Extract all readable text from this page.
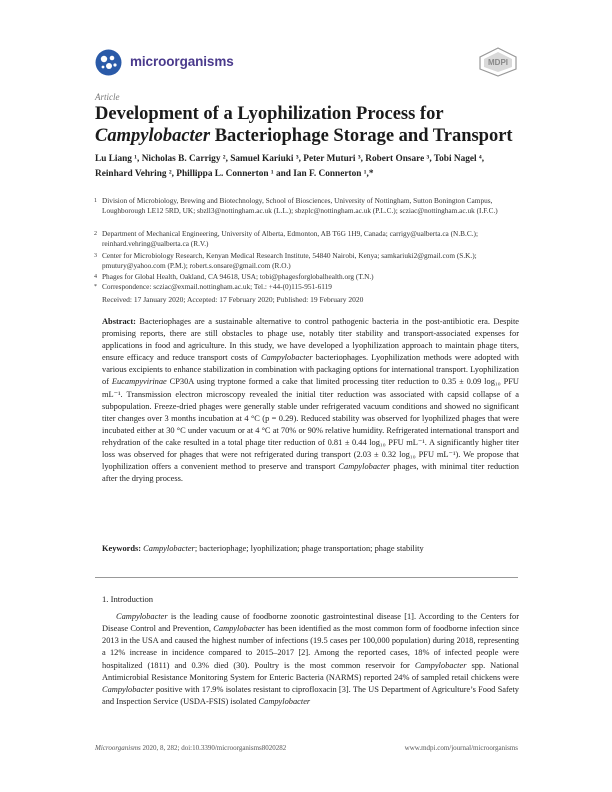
microorganisms	MDPI
Article
Development of a Lyophilization Process for
Campylobacter Bacteriophage Storage and Transport
Lu Liang ¹, Nicholas B. Carrigy ², Samuel Kariuki ³, Peter Muturi ³, Robert Onsare ³, Tobi Nagel ⁴,
Reinhard Vehring ², Phillippa L. Connerton ¹ and Ian F. Connerton ¹,*
1 Division of Microbiology, Brewing and Biotechnology, School of Biosciences, University of Nottingham, Sutton Bonington Campus, Loughborough LE12 5RD, UK; sbzll3@nottingham.ac.uk (L.L.); sbzplc@nottingham.ac.uk (P.L.C.); scziac@nottingham.ac.uk (I.F.C.)
2 Department of Mechanical Engineering, University of Alberta, Edmonton, AB T6G 1H9, Canada; carrigy@ualberta.ca (N.B.C.); reinhard.vehring@ualberta.ca (R.V.)
3 Center for Microbiology Research, Kenyan Medical Research Institute, 54840 Nairobi, Kenya; samkariuki2@gmail.com (S.K.); pmutury@yahoo.com (P.M.); robert.s.onsare@gmail.com (R.O.)
4 Phages for Global Health, Oakland, CA 94618, USA; tobi@phagesforglobalhealth.org (T.N.)
* Correspondence: scziac@exmail.nottingham.ac.uk; Tel.: +44-(0)115-951-6119
Received: 17 January 2020; Accepted: 17 February 2020; Published: 19 February 2020
Abstract: Bacteriophages are a sustainable alternative to control pathogenic bacteria in the post-antibiotic era. Despite promising reports, there are still obstacles to phage use, notably titer stability and transport-associated expenses for applications in food and agriculture. In this study, we have developed a lyophilization approach to maintain phage titers, ensure efficacy and reduce transport costs of Campylobacter bacteriophages. Lyophilization methods were adopted with various excipients to enhance stabilization in combination with packaging options for international transport. Lyophilization of Eucampyvirinae CP30A using tryptone formed a cake that limited processing titer reduction to 0.35 ± 0.09 log₁₀ PFU mL⁻¹. Transmission electron microscopy revealed the initial titer reduction was associated with capsid collapse of a subpopulation. Freeze-dried phages were generally stable under refrigerated vacuum conditions and showed no significant titer changes over 3 months incubation at 4 °C (p = 0.29). Reduced stability was observed for lyophilized phages that were incubated either at 30 °C under vacuum or at 4 °C at 70% or 90% relative humidity. Refrigerated international transport and rehydration of the cake resulted in a total phage titer reduction of 0.81 ± 0.44 log₁₀ PFU mL⁻¹. A significantly higher titer loss was observed for phages that were not refrigerated during transport (2.03 ± 0.32 log₁₀ PFU mL⁻¹). We propose that lyophilization offers a convenient method to preserve and transport Campylobacter phages, with minimal titer reduction after the drying process.
Keywords: Campylobacter; bacteriophage; lyophilization; phage transportation; phage stability
1. Introduction
Campylobacter is the leading cause of foodborne zoonotic gastrointestinal disease [1]. According to the Centers for Disease Control and Prevention, Campylobacter has been identified as the most common form of foodborne infection since 2013 in the USA and caused the highest number of infections (19.5 cases per 100,000 population) during 2018, representing a 12% increase in incidence compared to 2015–2017 [2]. Among the reported cases, 18% of infected people were hospitalized (1811) and 0.3% died (30). Poultry is the most common reservoir for Campylobacter spp. National Antimicrobial Resistance Monitoring System for Enteric Bacteria (NARMS) reported 24% of sampled retail chickens were Campylobacter positive with 17.9% isolates resistant to ciprofloxacin [3]. The US Department of Agriculture’s Food Safety and Inspection Service (USDA-FSIS) isolated Campylobacter
Microorganisms 2020, 8, 282; doi:10.3390/microorganisms8020282	www.mdpi.com/journal/microorganisms
